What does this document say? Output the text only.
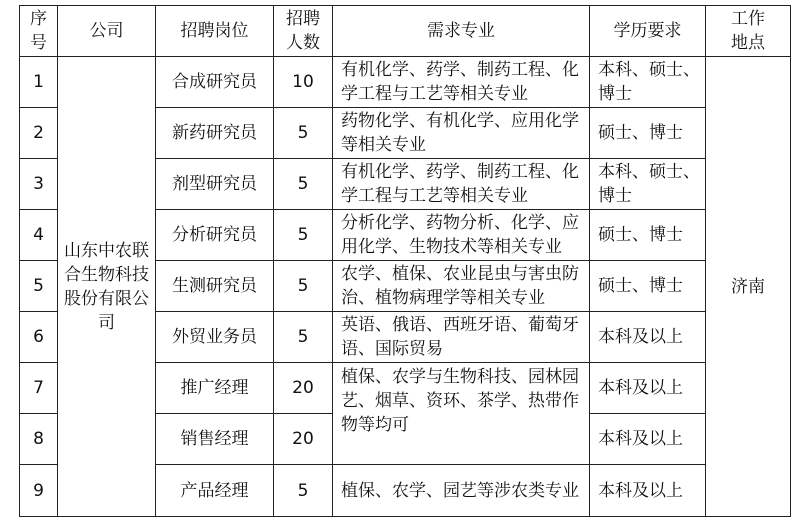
序号	公司	招聘岗位	招聘人数	需求专业	学历要求	工作地点
1	山东中农联合生物科技股份有限公司	合成研究员	10	有机化学、药学、制药工程、化学工程与工艺等相关专业	本科、硕士、博士	济南
2		新药研究员	5	药物化学、有机化学、应用化学等相关专业	硕士、博士	
3		剂型研究员	5	有机化学、药学、制药工程、化学工程与工艺等相关专业	本科、硕士、博士	
4		分析研究员	5	分析化学、药物分析、化学、应用化学、生物技术等相关专业	硕士、博士	
5		生测研究员	5	农学、植保、农业昆虫与害虫防治、植物病理学等相关专业	硕士、博士	
6		外贸业务员	5	英语、俄语、西班牙语、葡萄牙语、国际贸易	本科及以上	
7		推广经理	20	植保、农学与生物科技、园林园艺、烟草、资环、茶学、热带作物等均可	本科及以上	
8		销售经理	20		本科及以上	
9		产品经理	5	植保、农学、园艺等涉农类专业	本科及以上	
